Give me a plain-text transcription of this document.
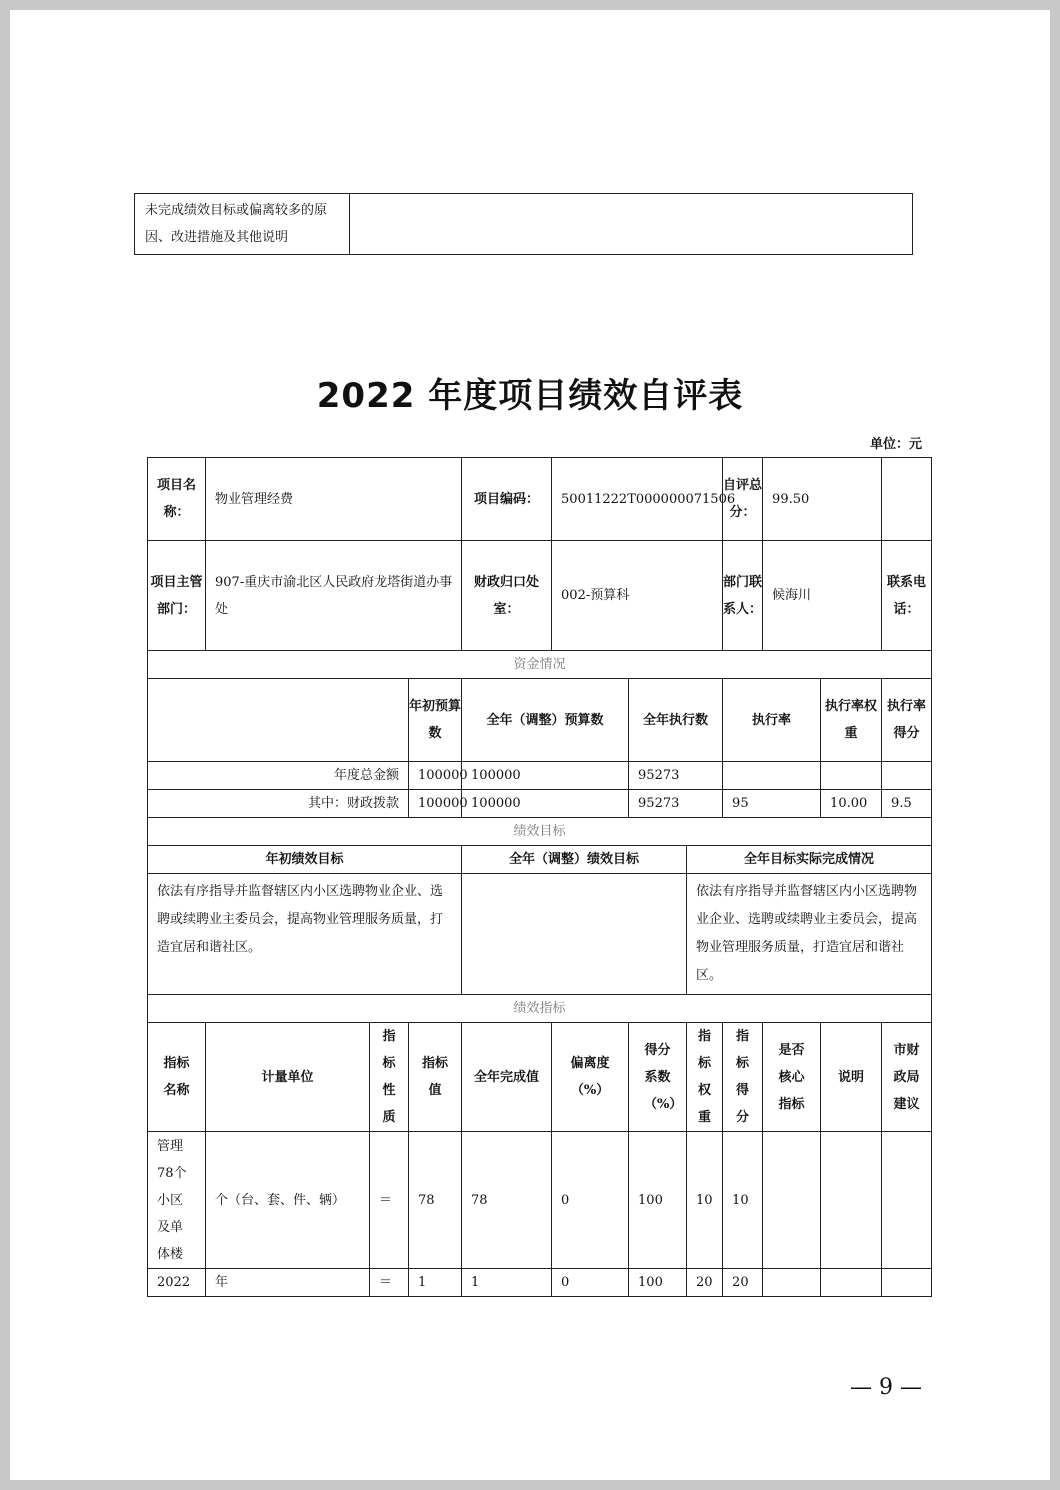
未完成绩效目标或偏离较多的原因、改进措施及其他说明	
2022 年度项目绩效自评表
单位：元
项目名称：	物业管理经费			项目编码：	50011222T000000071506			自评总分：	99.50		
项目主管部门：	907-重庆市渝北区人民政府龙塔街道办事处			财政归口处室：	002-预算科			部门联系人：	候海川		联系电话：
资金情况											
			年初预算数	全年（调整）预算数		全年执行数		执行率		执行率权重	执行率得分
年度总金额			100000	100000		95273					
其中：财政拨款			100000	100000		95273		95		10.00	9.5
绩效目标											
年初绩效目标				全年（调整）绩效目标			全年目标实际完成情况				
依法有序指导并监督辖区内小区选聘物业企业、选聘或续聘业主委员会，提高物业管理服务质量，打造宜居和谐社区。							依法有序指导并监督辖区内小区选聘物业企业、选聘或续聘业主委员会，提高物业管理服务质量，打造宜居和谐社区。				
绩效指标											
指标名称	计量单位	指标性质	指标值	全年完成值	偏离度（%）	得分系数（%）	指标权重	指标得分	是否核心指标	说明	市财政局建议
管理78个小区及单体楼	个（台、套、件、辆）	＝	78	78	0	100	10	10			
2022	年	＝	1	1	0	100	20	20			
— 9 —
